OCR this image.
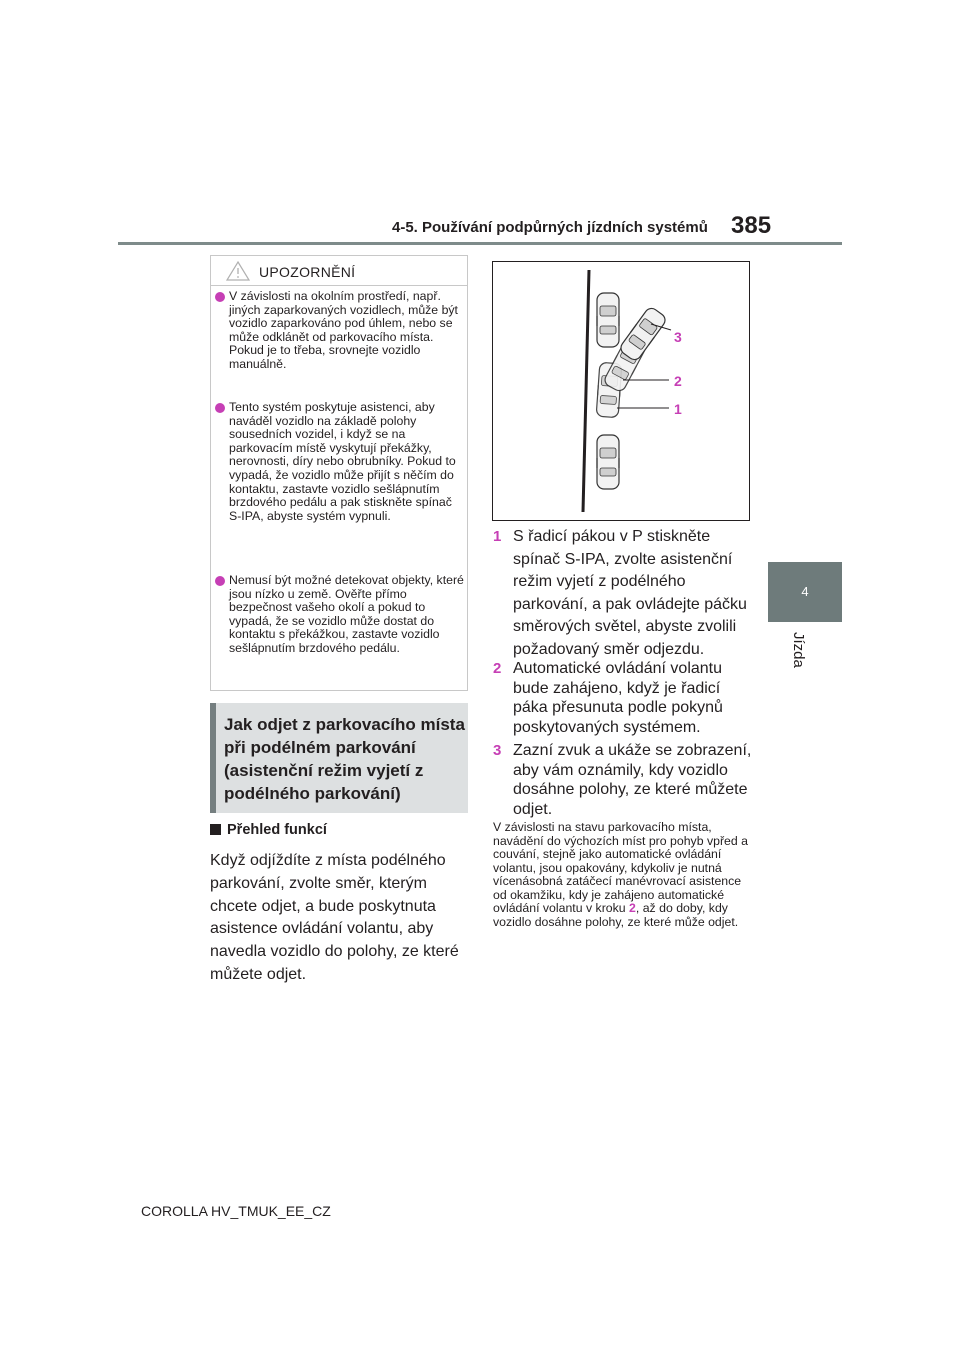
4-5. Používání podpůrných jízdních systémů 385
4
Jízda
UPOZORNĚNÍ
V závislosti na okolním prostředí, např. jiných zaparkovaných vozidlech, může být vozidlo zaparkováno pod úhlem, nebo se může odklánět od parkovacího místa. Pokud je to třeba, srovnejte vozidlo manuálně.
Tento systém poskytuje asistenci, aby naváděl vozidlo na základě polohy sousedních vozidel, i když se na parkovacím místě vyskytují překážky, nerovnosti, díry nebo obrubníky. Pokud to vypadá, že vozidlo může přijít s něčím do kontaktu, zastavte vozidlo sešlápnutím brzdového pedálu a pak stiskněte spínač S-IPA, abyste systém vypnuli.
Nemusí být možné detekovat objekty, které jsou nízko u země. Ověřte přímo bezpečnost vašeho okolí a pokud to vypadá, že se vozidlo může dostat do kontaktu s překážkou, zastavte vozidlo sešlápnutím brzdového pedálu.
Jak odjet z parkovacího místa při podélném parkování (asistenční režim vyjetí z podélného parkování)
Přehled funkcí
Když odjíždíte z místa podélného parkování, zvolte směr, kterým chcete odjet, a bude poskytnuta asistence ovládání volantu, aby navedla vozidlo do polohy, ze které můžete odjet.
3
2
1
1 S řadicí pákou v P stiskněte spínač S-IPA, zvolte asistenční režim vyjetí z podélného parkování, a pak ovládejte páčku směrových světel, abyste zvolili požadovaný směr odjezdu.
2 Automatické ovládání volantu bude zahájeno, když je řadicí páka přesunuta podle pokynů poskytovaných systémem.
3 Zazní zvuk a ukáže se zobrazení, aby vám oznámily, kdy vozidlo dosáhne polohy, ze které můžete odjet.
V závislosti na stavu parkovacího místa, navádění do výchozích míst pro pohyb vpřed a couvání, stejně jako automatické ovládání volantu, jsou opakovány, kdykoliv je nutná vícenásobná zatáčecí manévrovací asistence od okamžiku, kdy je zahájeno automatické ovládání volantu v kroku 2, až do doby, kdy vozidlo dosáhne polohy, ze které může odjet.
COROLLA HV_TMUK_EE_CZ
